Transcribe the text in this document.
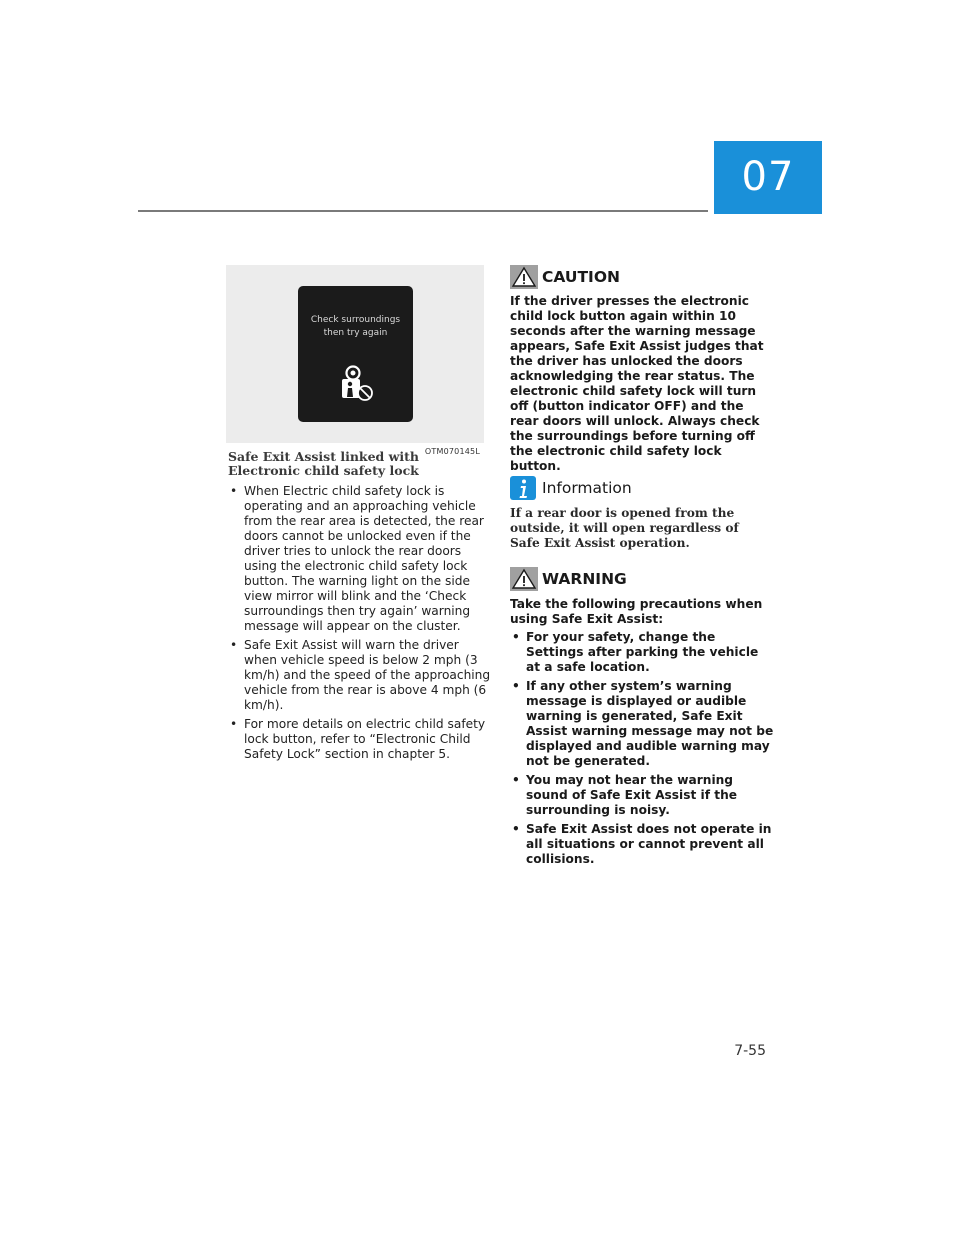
07
Check surroundings
then try again
OTM070145L
Safe Exit Assist linked with Electronic child safety lock
• When Electric child safety lock is operating and an approaching vehicle from the rear area is detected, the rear doors cannot be unlocked even if the driver tries to unlock the rear doors using the electronic child safety lock button. The warning light on the side view mirror will blink and the ‘Check surroundings then try again’ warning message will appear on the cluster.
• Safe Exit Assist will warn the driver when vehicle speed is below 2 mph (3 km/h) and the speed of the approaching vehicle from the rear is above 4 mph (6 km/h).
• For more details on electric child safety lock button, refer to “Electronic Child Safety Lock” section in chapter 5.
CAUTION
If the driver presses the electronic child lock button again within 10 seconds after the warning message appears, Safe Exit Assist judges that the driver has unlocked the doors acknowledging the rear status. The electronic child safety lock will turn off (button indicator OFF) and the rear doors will unlock. Always check the surroundings before turning off the electronic child safety lock button.
Information
If a rear door is opened from the outside, it will open regardless of Safe Exit Assist operation.
WARNING
Take the following precautions when using Safe Exit Assist:
• For your safety, change the Settings after parking the vehicle at a safe location.
• If any other system’s warning message is displayed or audible warning is generated, Safe Exit Assist warning message may not be displayed and audible warning may not be generated.
• You may not hear the warning sound of Safe Exit Assist if the surrounding is noisy.
• Safe Exit Assist does not operate in all situations or cannot prevent all collisions.
7-55
